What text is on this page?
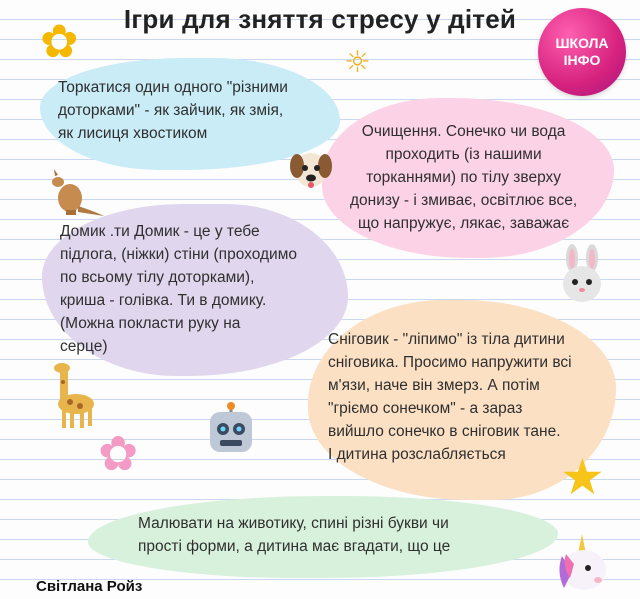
Ігри для зняття стресу у дітей
ШКОЛА
ІНФО
Торкатися один одного "різними
доторками" - як зайчик, як змія,
як лисиця хвостиком	Очищення. Сонечко чи вода
проходить (із нашими
торканнями) по тілу зверху
донизу - і змиває, освітлює все,
що напружує, лякає, заважає
Домик .ти Домик - це у тебе
підлога, (ніжки) стіни (проходимо
по всьому тілу доторками),
криша - голівка. Ти в домику.
(Можна покласти руку на
серце)	Сніговик - "ліпимо" із тіла дитини
сніговика. Просимо напружити всі
м'язи, наче він змерз. А потім
"гріємо сонечком" - а зараз
вийшло сонечко в сніговик тане.
І дитина розслабляється
Малювати на животику, спині різні букви чи
прості форми, а дитина має вгадати, що це
Світлана Ройз
✿	☼
✿	★
